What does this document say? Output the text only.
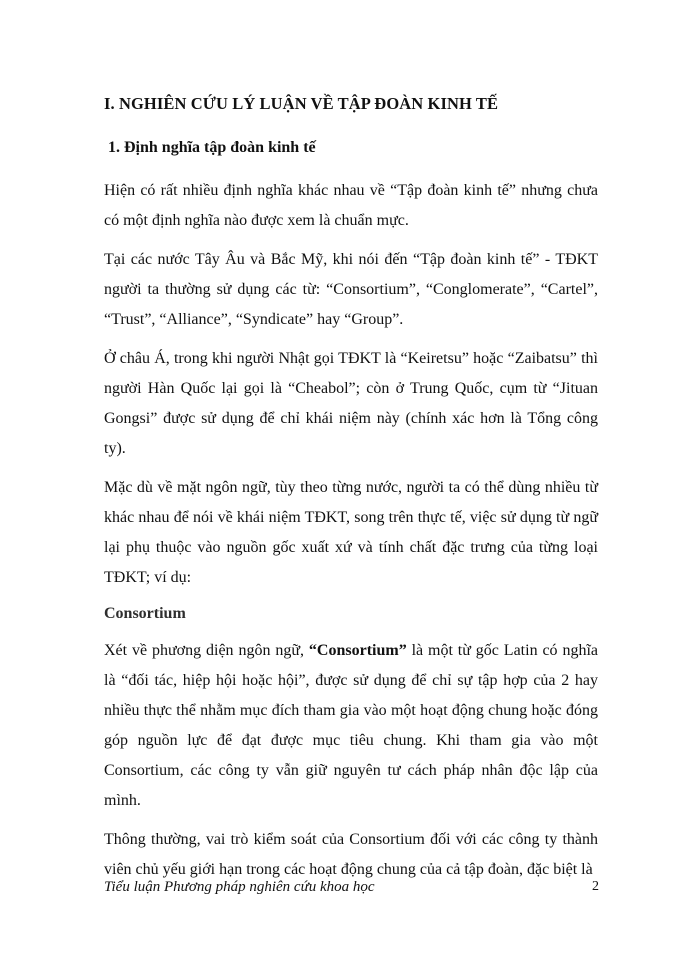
I. NGHIÊN CỨU LÝ LUẬN VỀ TẬP ĐOÀN KINH TẾ
1. Định nghĩa tập đoàn kinh tế

Hiện có rất nhiều định nghĩa khác nhau về “Tập đoàn kinh tế” nhưng chưa có một định nghĩa nào được xem là chuẩn mực.

Tại các nước Tây Âu và Bắc Mỹ, khi nói đến “Tập đoàn kinh tế” - TĐKT người ta thường sử dụng các từ: “Consortium”, “Conglomerate”, “Cartel”, “Trust”, “Alliance”, “Syndicate” hay “Group”.

Ở châu Á, trong khi người Nhật gọi TĐKT là “Keiretsu” hoặc “Zaibatsu” thì người Hàn Quốc lại gọi là “Cheabol”; còn ở Trung Quốc, cụm từ “Jituan Gongsi” được sử dụng để chỉ khái niệm này (chính xác hơn là Tổng công ty).

Mặc dù về mặt ngôn ngữ, tùy theo từng nước, người ta có thể dùng nhiều từ khác nhau để nói về khái niệm TĐKT, song trên thực tế, việc sử dụng từ ngữ lại phụ thuộc vào nguồn gốc xuất xứ và tính chất đặc trưng của từng loại TĐKT; ví dụ:

Consortium

Xét về phương diện ngôn ngữ, “Consortium” là một từ gốc Latin có nghĩa là “đối tác, hiệp hội hoặc hội”, được sử dụng để chỉ sự tập hợp của 2 hay nhiều thực thể nhằm mục đích tham gia vào một hoạt động chung hoặc đóng góp nguồn lực để đạt được mục tiêu chung. Khi tham gia vào một Consortium, các công ty vẫn giữ nguyên tư cách pháp nhân độc lập của mình.

Thông thường, vai trò kiểm soát của Consortium đối với các công ty thành viên chủ yếu giới hạn trong các hoạt động chung của cả tập đoàn, đặc biệt là

Tiểu luận Phương pháp nghiên cứu khoa học	2
